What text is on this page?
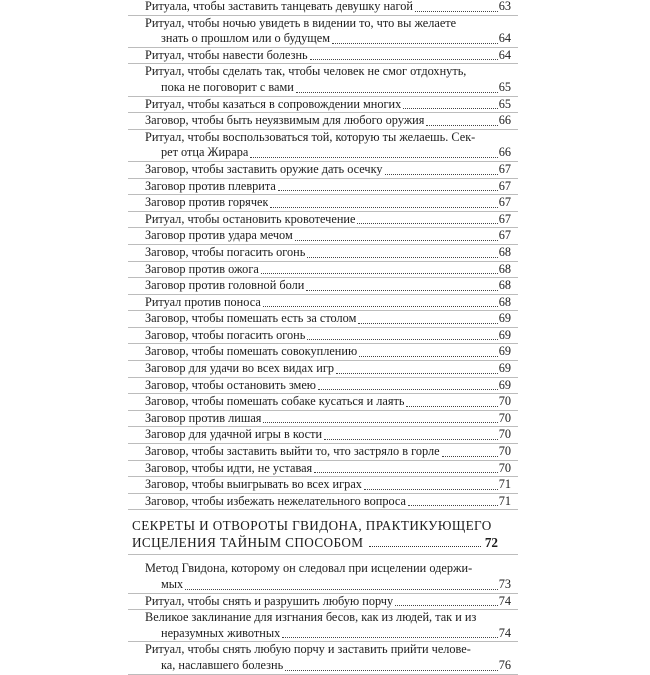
Ритуала, чтобы заставить танцевать девушку нагой	63
Ритуал, чтобы ночью увидеть в видении то, что вы желаете
знать о прошлом или о будущем	64
Ритуал, чтобы навести болезнь	64
Ритуал, чтобы сделать так, чтобы человек не смог отдохнуть,
пока не поговорит с вами	65
Ритуал, чтобы казаться в сопровождении многих	65
Заговор, чтобы быть неуязвимым для любого оружия	66
Ритуал, чтобы воспользоваться той, которую ты желаешь. Сек-
рет отца Жирара	66
Заговор, чтобы заставить оружие дать осечку	67
Заговор против плеврита	67
Заговор против горячек	67
Ритуал, чтобы остановить кровотечение	67
Заговор против удара мечом	67
Заговор, чтобы погасить огонь	68
Заговор против ожога	68
Заговор против головной боли	68
Ритуал против поноса	68
Заговор, чтобы помешать есть за столом	69
Заговор, чтобы погасить огонь	69
Заговор, чтобы помешать совокуплению	69
Заговор для удачи во всех видах игр	69
Заговор, чтобы остановить змею	69
Заговор, чтобы помешать собаке кусаться и лаять	70
Заговор против лишая	70
Заговор для удачной игры в кости	70
Заговор, чтобы заставить выйти то, что застряло в горле	70
Заговор, чтобы идти, не уставая	70
Заговор, чтобы выигрывать во всех играх	71
Заговор, чтобы избежать нежелательного вопроса	71
СЕКРЕТЫ И ОТВОРОТЫ ГВИДОНА, ПРАКТИКУЮЩЕГО
ИСЦЕЛЕНИЯ ТАЙНЫМ СПОСОБОМ	72
Метод Гвидона, которому он следовал при исцелении одержи-
мых	73
Ритуал, чтобы снять и разрушить любую порчу	74
Великое заклинание для изгнания бесов, как из людей, так и из
неразумных животных	74
Ритуал, чтобы снять любую порчу и заставить прийти челове-
ка, наславшего болезнь	76
